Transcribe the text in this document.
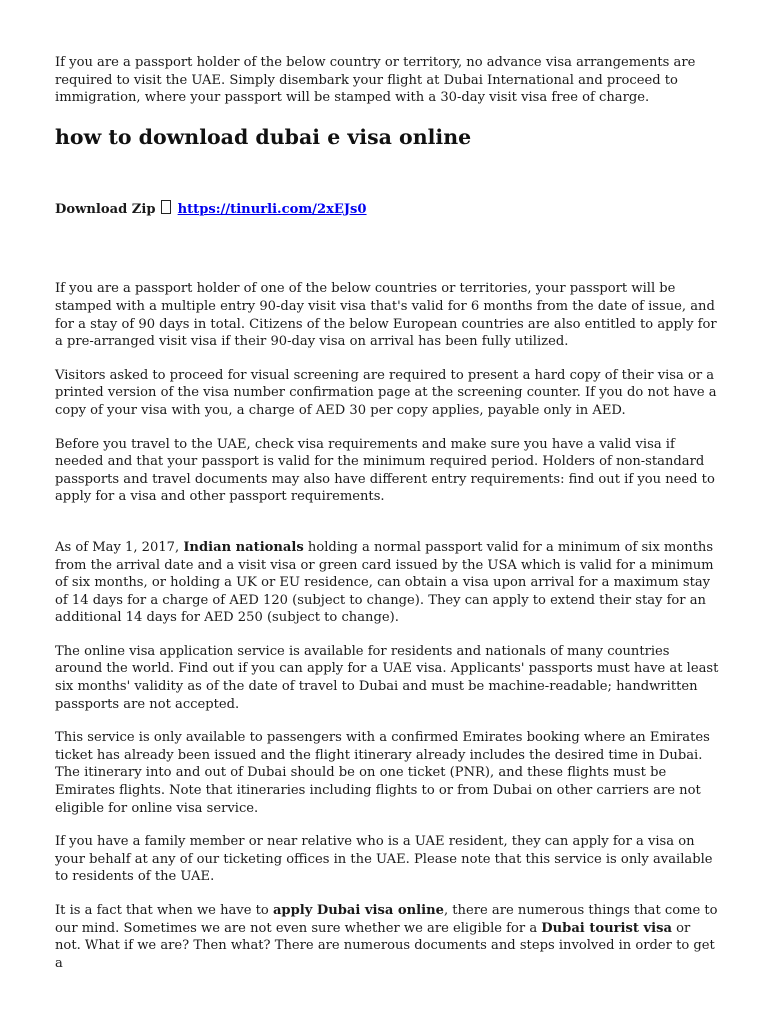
If you are a passport holder of the below country or territory, no advance visa arrangements are required to visit the UAE. Simply disembark your flight at Dubai International and proceed to immigration, where your passport will be stamped with a 30-day visit visa free of charge.

how to download dubai e visa online

Download Zip https://tinurli.com/2xEJs0

If you are a passport holder of one of the below countries or territories, your passport will be stamped with a multiple entry 90-day visit visa that's valid for 6 months from the date of issue, and for a stay of 90 days in total. Citizens of the below European countries are also entitled to apply for a pre-arranged visit visa if their 90-day visa on arrival has been fully utilized.

Visitors asked to proceed for visual screening are required to present a hard copy of their visa or a printed version of the visa number confirmation page at the screening counter. If you do not have a copy of your visa with you, a charge of AED 30 per copy applies, payable only in AED.

Before you travel to the UAE, check visa requirements and make sure you have a valid visa if needed and that your passport is valid for the minimum required period. Holders of non-standard passports and travel documents may also have different entry requirements: find out if you need to apply for a visa and other passport requirements.

As of May 1, 2017, Indian nationals holding a normal passport valid for a minimum of six months from the arrival date and a visit visa or green card issued by the USA which is valid for a minimum of six months, or holding a UK or EU residence, can obtain a visa upon arrival for a maximum stay of 14 days for a charge of AED 120 (subject to change). They can apply to extend their stay for an additional 14 days for AED 250 (subject to change).

The online visa application service is available for residents and nationals of many countries around the world. Find out if you can apply for a UAE visa. Applicants' passports must have at least six months' validity as of the date of travel to Dubai and must be machine-readable; handwritten passports are not accepted.

This service is only available to passengers with a confirmed Emirates booking where an Emirates ticket has already been issued and the flight itinerary already includes the desired time in Dubai. The itinerary into and out of Dubai should be on one ticket (PNR), and these flights must be Emirates flights. Note that itineraries including flights to or from Dubai on other carriers are not eligible for online visa service.

If you have a family member or near relative who is a UAE resident, they can apply for a visa on your behalf at any of our ticketing offices in the UAE. Please note that this service is only available to residents of the UAE.

It is a fact that when we have to apply Dubai visa online, there are numerous things that come to our mind. Sometimes we are not even sure whether we are eligible for a Dubai tourist visa or not. What if we are? Then what? There are numerous documents and steps involved in order to get a
